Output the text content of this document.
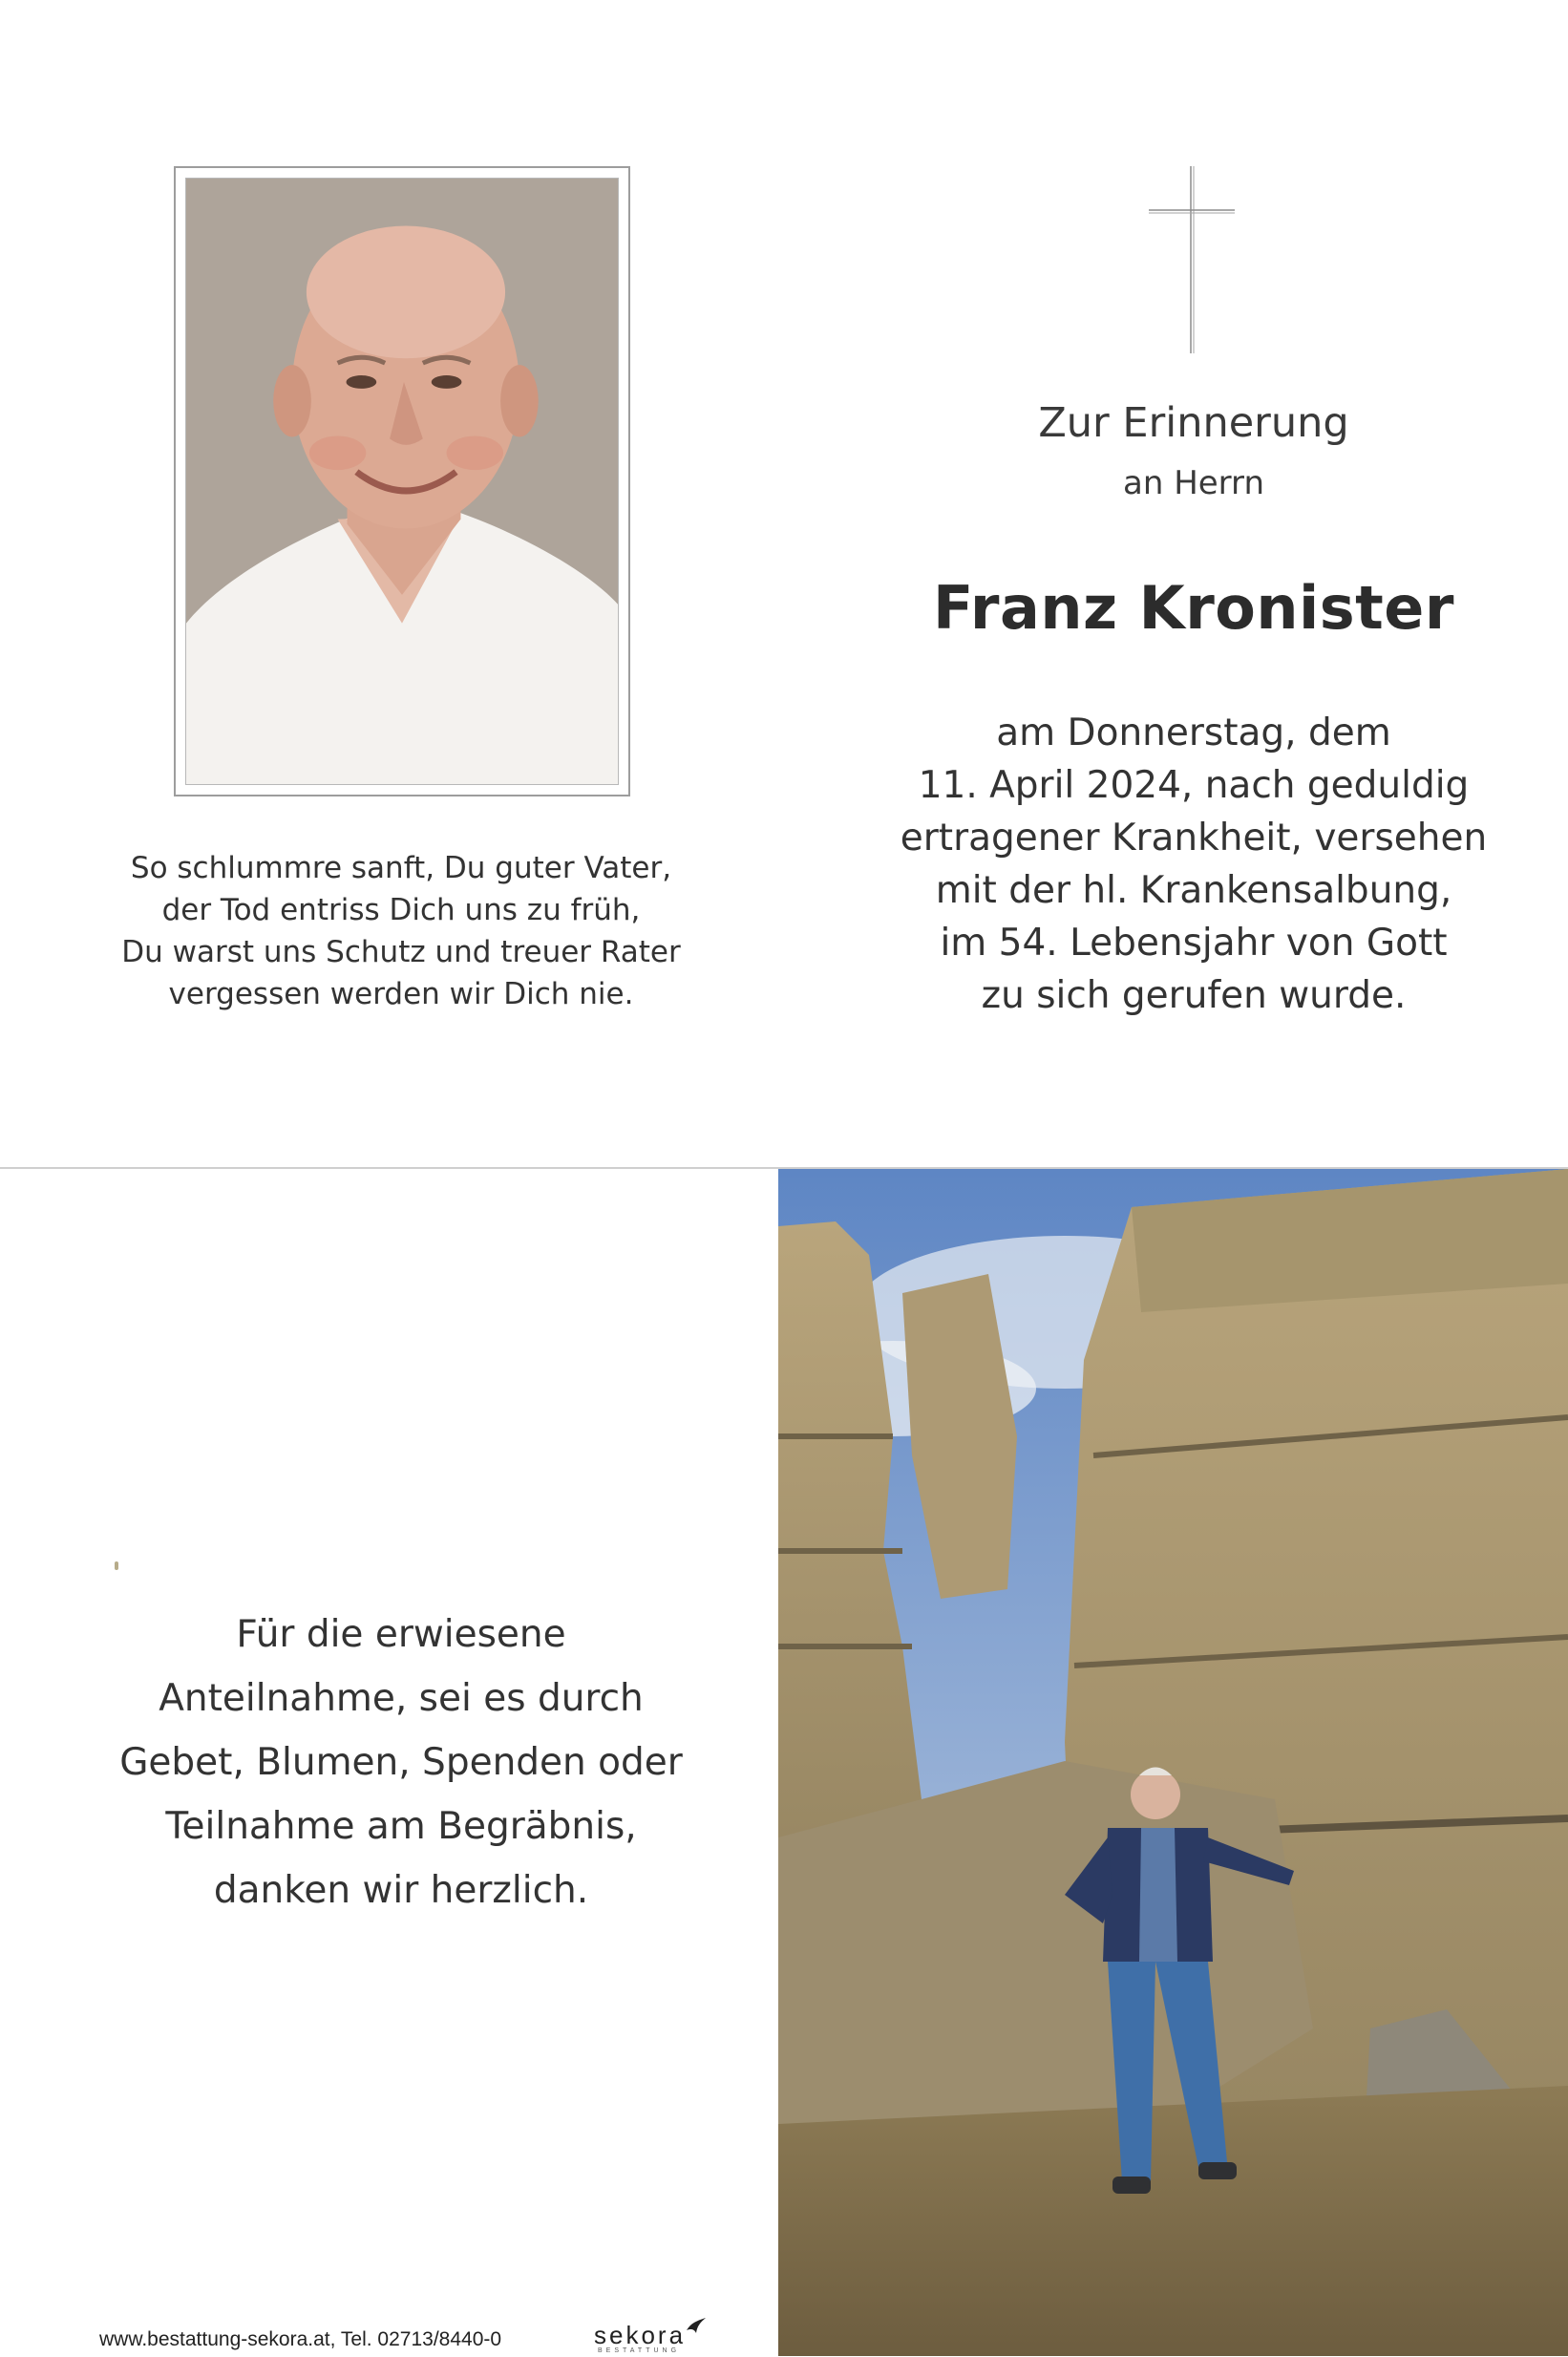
So schlummre sanft, Du guter Vater,
der Tod entriss Dich uns zu früh,
Du warst uns Schutz und treuer Rater
vergessen werden wir Dich nie.
Zur Erinnerung
an Herrn
Franz Kronister
am Donnerstag, dem
11. April 2024, nach geduldig
ertragener Krankheit, versehen
mit der hl. Krankensalbung,
im 54. Lebensjahr von Gott
zu sich gerufen wurde.
Für die erwiesene
Anteilnahme, sei es durch
Gebet, Blumen, Spenden oder
Teilnahme am Begräbnis,
danken wir herzlich.
www.bestattung-sekora.at, Tel. 02713/8440-0	sekora
BESTATTUNG
